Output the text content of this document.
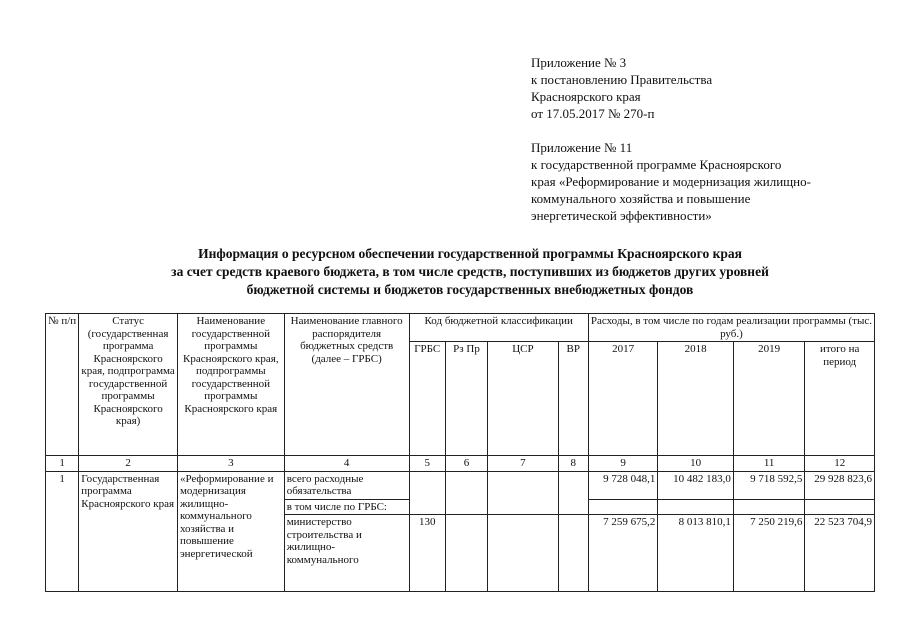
Приложение № 3
к постановлению Правительства
Красноярского края
от 17.05.2017 № 270-п
Приложение № 11
к государственной программе Красноярского
края «Реформирование и модернизация жилищно-
коммунального хозяйства и повышение
энергетической эффективности»
Информация о ресурсном обеспечении государственной программы Красноярского края
за счет средств краевого бюджета, в том числе средств, поступивших из бюджетов других уровней
бюджетной системы и бюджетов государственных внебюджетных фондов
№ п/п	Статус (государственная программа Красноярского края, подпрограмма государственной программы Красноярского края)	Наименование государственной программы Красноярского края, подпрограммы государственной программы Красноярского края	Наименование главного распорядителя бюджетных средств (далее – ГРБС)	Код бюджетной классификации				Расходы, в том числе по годам реализации программы (тыс. руб.)			
				ГРБС	Рз Пр	ЦСР	ВР	2017	2018	2019	итого на период
1	2	3	4	5	6	7	8	9	10	11	12
1	Государственная программа Красноярского края	«Реформирование и модернизация жилищно-коммунального хозяйства и повышение энергетической	всего расходные обязательства					9 728 048,1	10 482 183,0	9 718 592,5	29 928 823,6
			в том числе по ГРБС:								
			министерство строительства и жилищно-коммунального	130				7 259 675,2	8 013 810,1	7 250 219,6	22 523 704,9
